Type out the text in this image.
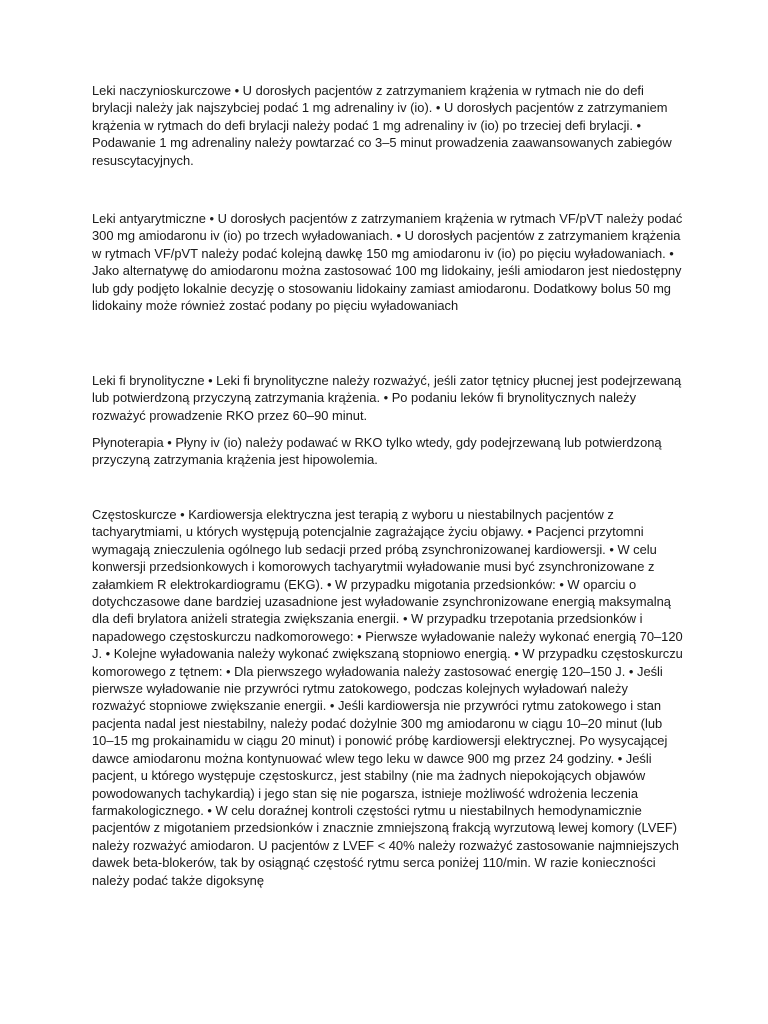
Leki naczynioskurczowe • U dorosłych pacjentów z zatrzymaniem krążenia w rytmach nie do defi brylacji należy jak najszybciej podać 1 mg adrenaliny iv (io). • U dorosłych pacjentów z zatrzymaniem krążenia w rytmach do defi brylacji należy podać 1 mg adrenaliny iv (io) po trzeciej defi brylacji. • Podawanie 1 mg adrenaliny należy powtarzać co 3–5 minut prowadzenia zaawansowanych zabiegów resuscytacyjnych.

Leki antyarytmiczne • U dorosłych pacjentów z zatrzymaniem krążenia w rytmach VF/pVT należy podać 300 mg amiodaronu iv (io) po trzech wyładowaniach. • U dorosłych pacjentów z zatrzymaniem krążenia w rytmach VF/pVT należy podać kolejną dawkę 150 mg amiodaronu iv (io) po pięciu wyładowaniach. • Jako alternatywę do amiodaronu można zastosować 100 mg lidokainy, jeśli amiodaron jest niedostępny lub gdy podjęto lokalnie decyzję o stosowaniu lidokainy zamiast amiodaronu. Dodatkowy bolus 50 mg lidokainy może również zostać podany po pięciu wyładowaniach

Leki fi brynolityczne • Leki fi brynolityczne należy rozważyć, jeśli zator tętnicy płucnej jest podejrzewaną lub potwierdzoną przyczyną zatrzymania krążenia. • Po podaniu leków fi brynolitycznych należy rozważyć prowadzenie RKO przez 60–90 minut.

Płynoterapia • Płyny iv (io) należy podawać w RKO tylko wtedy, gdy podejrzewaną lub potwierdzoną przyczyną zatrzymania krążenia jest hipowolemia.

Częstoskurcze • Kardiowersja elektryczna jest terapią z wyboru u niestabilnych pacjentów z tachyarytmiami, u których występują potencjalnie zagrażające życiu objawy. • Pacjenci przytomni wymagają znieczulenia ogólnego lub sedacji przed próbą zsynchronizowanej kardiowersji. • W celu konwersji przedsionkowych i komorowych tachyarytmii wyładowanie musi być zsynchronizowane z załamkiem R elektrokardiogramu (EKG). • W przypadku migotania przedsionków: • W oparciu o dotychczasowe dane bardziej uzasadnione jest wyładowanie zsynchronizowane energią maksymalną dla defi brylatora aniżeli strategia zwiększania energii. • W przypadku trzepotania przedsionków i napadowego częstoskurczu nadkomorowego: • Pierwsze wyładowanie należy wykonać energią 70–120 J. • Kolejne wyładowania należy wykonać zwiększaną stopniowo energią. • W przypadku częstoskurczu komorowego z tętnem: • Dla pierwszego wyładowania należy zastosować energię 120–150 J. • Jeśli pierwsze wyładowanie nie przywróci rytmu zatokowego, podczas kolejnych wyładowań należy rozważyć stopniowe zwiększanie energii. • Jeśli kardiowersja nie przywróci rytmu zatokowego i stan pacjenta nadal jest niestabilny, należy podać dożylnie 300 mg amiodaronu w ciągu 10–20 minut (lub 10–15 mg prokainamidu w ciągu 20 minut) i ponowić próbę kardiowersji elektrycznej. Po wysycającej dawce amiodaronu można kontynuować wlew tego leku w dawce 900 mg przez 24 godziny. • Jeśli pacjent, u którego występuje częstoskurcz, jest stabilny (nie ma żadnych niepokojących objawów powodowanych tachykardią) i jego stan się nie pogarsza, istnieje możliwość wdrożenia leczenia farmakologicznego. • W celu doraźnej kontroli częstości rytmu u niestabilnych hemodynamicznie pacjentów z migotaniem przedsionków i znacznie zmniejszoną frakcją wyrzutową lewej komory (LVEF) należy rozważyć amiodaron. U pacjentów z LVEF < 40% należy rozważyć zastosowanie najmniejszych dawek beta-blokerów, tak by osiągnąć częstość rytmu serca poniżej 110/min. W razie konieczności należy podać także digoksynę
